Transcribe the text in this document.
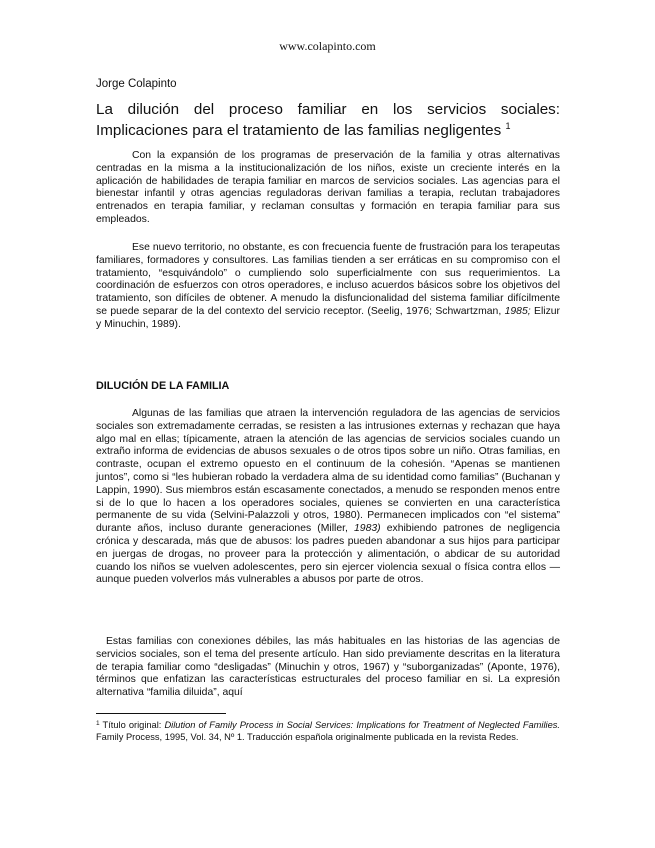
www.colapinto.com
Jorge Colapinto
La dilución del proceso familiar en los servicios sociales: Implicaciones para el tratamiento de las familias negligentes $^1$

Con la expansión de los programas de preservación de la familia y otras alternativas centradas en la misma a la institucionalización de los niños, existe un creciente interés en la aplicación de habilidades de terapia familiar en marcos de servicios sociales. Las agencias para el bienestar infantil y otras agencias reguladoras derivan familias a terapia, reclutan trabajadores entrenados en terapia familiar, y reclaman consultas y formación en terapia familiar para sus empleados.

Ese nuevo territorio, no obstante, es con frecuencia fuente de frustración para los terapeutas familiares, formadores y consultores. Las familias tienden a ser erráticas en su compromiso con el tratamiento, “esquivándolo” o cumpliendo solo superficialmente con sus requerimientos. La coordinación de esfuerzos con otros operadores, e incluso acuerdos básicos sobre los objetivos del tratamiento, son difíciles de obtener. A menudo la disfuncionalidad del sistema familiar difícilmente se puede separar de la del contexto del servicio receptor. (Seelig, 1976; Schwartzman, 1985; Elizur y Minuchin, 1989).

DILUCIÓN DE LA FAMILIA

Algunas de las familias que atraen la intervención reguladora de las agencias de servicios sociales son extremadamente cerradas, se resisten a las intrusiones externas y rechazan que haya algo mal en ellas; típicamente, atraen la atención de las agencias de servicios sociales cuando un extraño informa de evidencias de abusos sexuales o de otros tipos sobre un niño. Otras familias, en contraste, ocupan el extremo opuesto en el continuum de la cohesión. “Apenas se mantienen juntos”, como si “les hubieran robado la verdadera alma de su identidad como familias” (Buchanan y Lappin, 1990). Sus miembros están escasamente conectados, a menudo se responden menos entre si de lo que lo hacen a los operadores sociales, quienes se convierten en una característica permanente de su vida (Selvini-Palazzoli y otros, 1980). Permanecen implicados con “el sistema” durante años, incluso durante generaciones (Miller, 1983) exhibiendo patrones de negligencia crónica y descarada, más que de abusos: los padres pueden abandonar a sus hijos para participar en juergas de drogas, no proveer para la protección y alimentación, o abdicar de su autoridad cuando los niños se vuelven adolescentes, pero sin ejercer violencia sexual o física contra ellos —aunque pueden volverlos más vulnerables a abusos por parte de otros.

Estas familias con conexiones débiles, las más habituales en las historias de las agencias de servicios sociales, son el tema del presente artículo. Han sido previamente descritas en la literatura de terapia familiar como “desligadas” (Minuchin y otros, 1967) y “suborganizadas” (Aponte, 1976), términos que enfatizan las características estructurales del proceso familiar en si. La expresión alternativa “familia diluida”, aquí

$^1$ Título original: Dilution of Family Process in Social Services: Implications for Treatment of Neglected Families. Family Process, 1995, Vol. 34, Nº 1. Traducción española originalmente publicada en la revista Redes.
